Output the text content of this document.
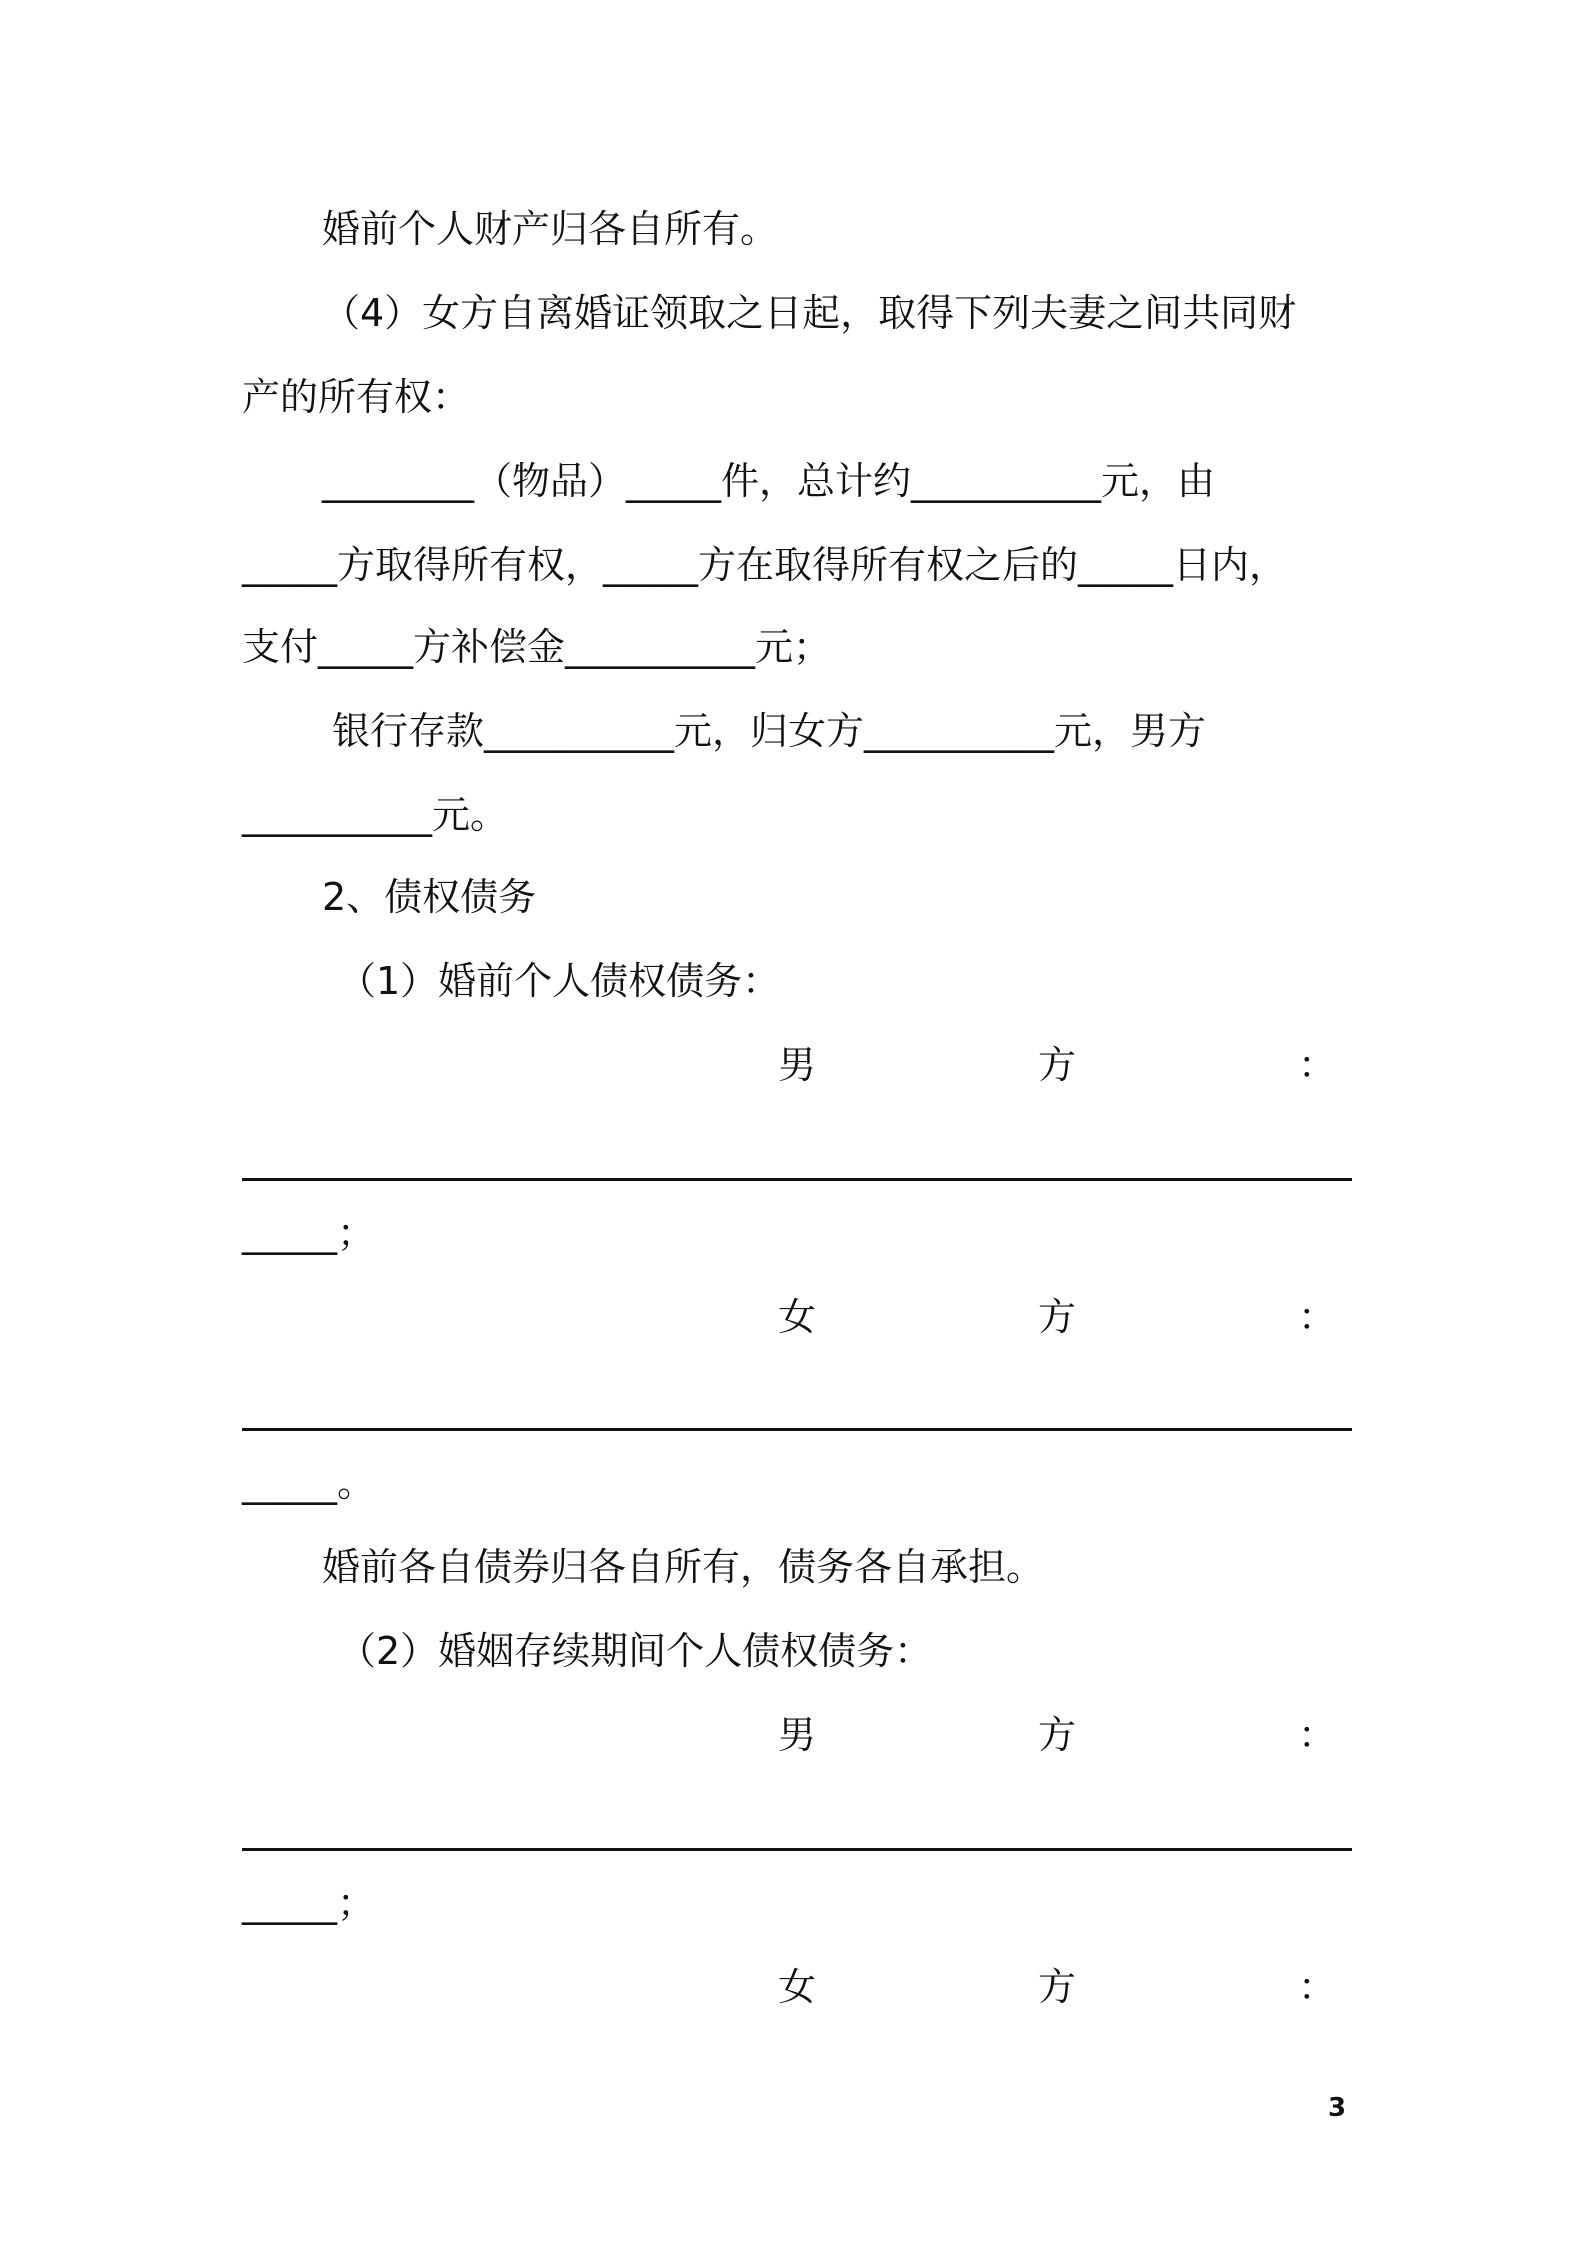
婚前个人财产归各自所有。
（4）女方自离婚证领取之日起，取得下列夫妻之间共同财
产的所有权：
________（物品）_____件，总计约__________元，由
_____方取得所有权，_____方在取得所有权之后的_____日内，
支付_____方补偿金__________元；
银行存款__________元，归女方__________元，男方
__________元。
2、债权债务
（1）婚前个人债权债务：
男	方	：
_____；
女	方	：
_____。
婚前各自债券归各自所有，债务各自承担。
（2）婚姻存续期间个人债权债务：
男	方	：
_____；
女	方	：
3
